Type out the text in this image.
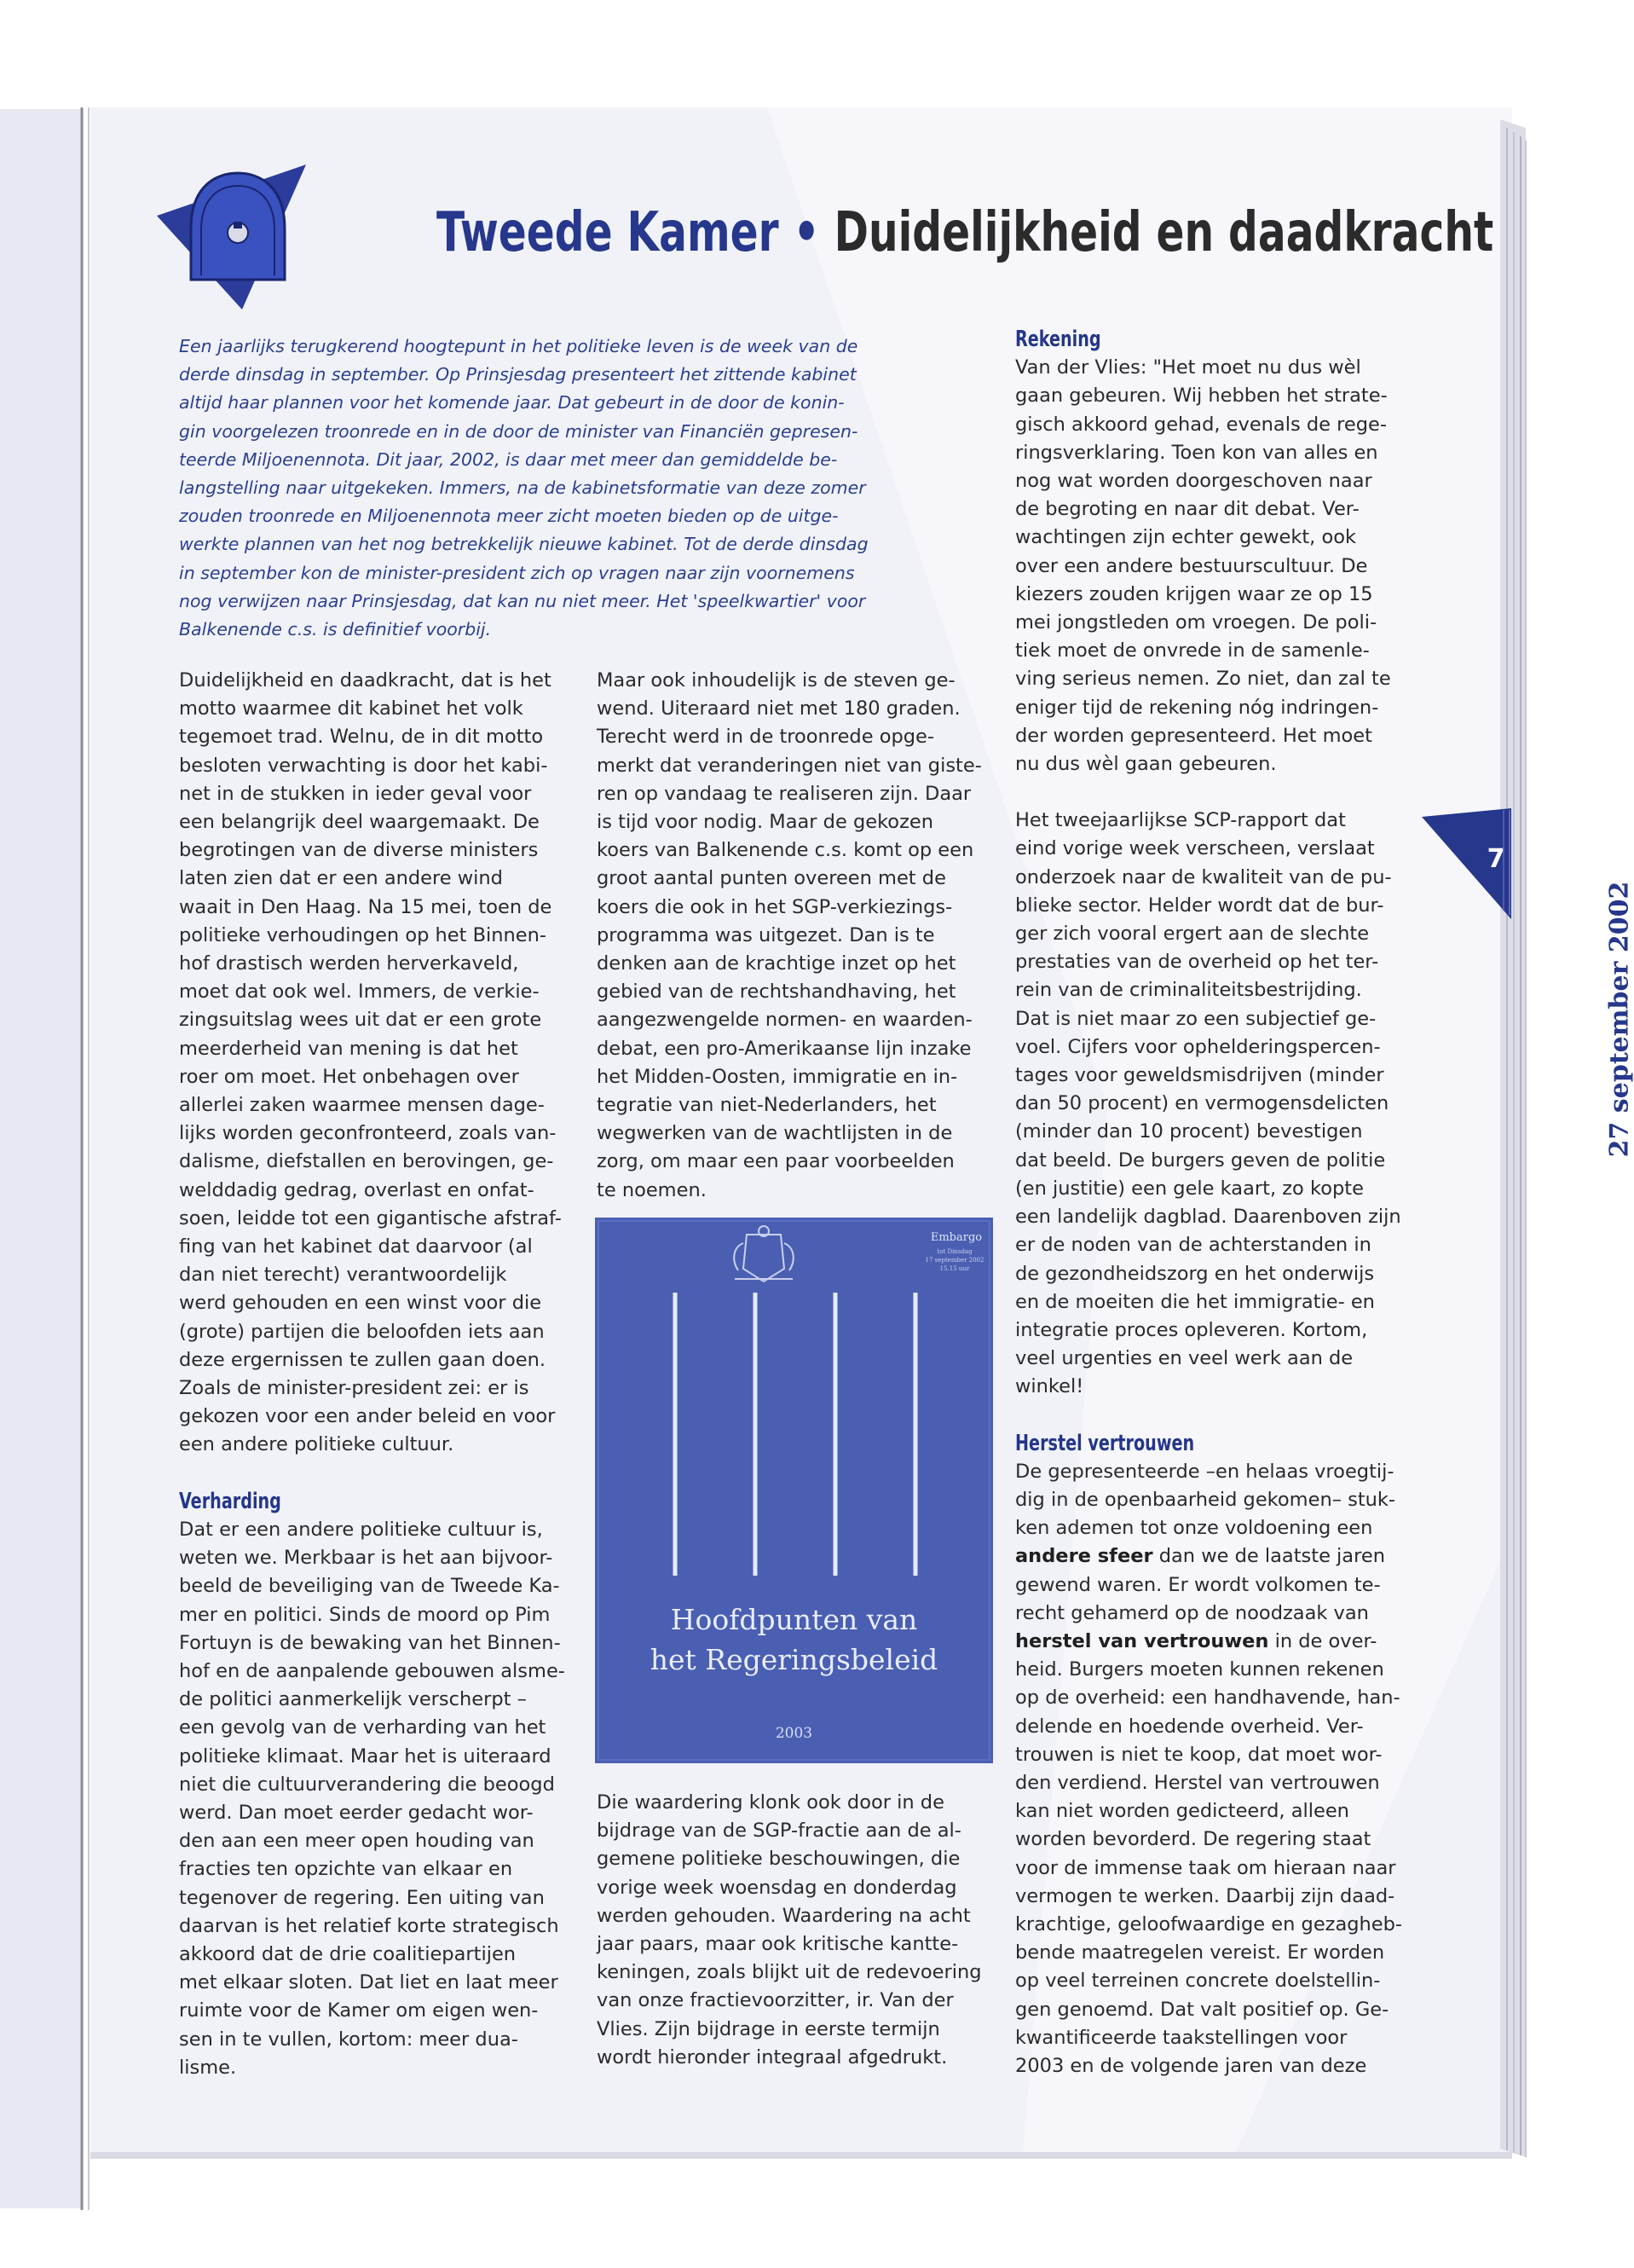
Tweede Kamer • Duidelijkheid en daadkracht

Een jaarlijks terugkerend hoogtepunt in het politieke leven is de week van de

derde dinsdag in september. Op Prinsjesdag presenteert het zittende kabinet

altijd haar plannen voor het komende jaar. Dat gebeurt in de door de konin-

gin voorgelezen troonrede en in de door de minister van Financiën gepresen-

teerde Miljoenennota. Dit jaar, 2002, is daar met meer dan gemiddelde be-

langstelling naar uitgekeken. Immers, na de kabinetsformatie van deze zomer

zouden troonrede en Miljoenennota meer zicht moeten bieden op de uitge-

werkte plannen van het nog betrekkelijk nieuwe kabinet. Tot de derde dinsdag

in september kon de minister-president zich op vragen naar zijn voornemens

nog verwijzen naar Prinsjesdag, dat kan nu niet meer. Het 'speelkwartier' voor

Balkenende c.s. is definitief voorbij.

Duidelijkheid en daadkracht, dat is het

motto waarmee dit kabinet het volk

tegemoet trad. Welnu, de in dit motto

besloten verwachting is door het kabi-

net in de stukken in ieder geval voor

een belangrijk deel waargemaakt. De

begrotingen van de diverse ministers

laten zien dat er een andere wind

waait in Den Haag. Na 15 mei, toen de

politieke verhoudingen op het Binnen-

hof drastisch werden herverkaveld,

moet dat ook wel. Immers, de verkie-

zingsuitslag wees uit dat er een grote

meerderheid van mening is dat het

roer om moet. Het onbehagen over

allerlei zaken waarmee mensen dage-

lijks worden geconfronteerd, zoals van-

dalisme, diefstallen en berovingen, ge-

welddadig gedrag, overlast en onfat-

soen, leidde tot een gigantische afstraf-

fing van het kabinet dat daarvoor (al

dan niet terecht) verantwoordelijk

werd gehouden en een winst voor die

(grote) partijen die beloofden iets aan

deze ergernissen te zullen gaan doen.

Zoals de minister-president zei: er is

gekozen voor een ander beleid en voor

een andere politieke cultuur.

Verharding

Dat er een andere politieke cultuur is,

weten we. Merkbaar is het aan bijvoor-

beeld de beveiliging van de Tweede Ka-

mer en politici. Sinds de moord op Pim

Fortuyn is de bewaking van het Binnen-

hof en de aanpalende gebouwen alsme-

de politici aanmerkelijk verscherpt –

een gevolg van de verharding van het

politieke klimaat. Maar het is uiteraard

niet die cultuurverandering die beoogd

werd. Dan moet eerder gedacht wor-

den aan een meer open houding van

fracties ten opzichte van elkaar en

tegenover de regering. Een uiting van

daarvan is het relatief korte strategisch

akkoord dat de drie coalitiepartijen

met elkaar sloten. Dat liet en laat meer

ruimte voor de Kamer om eigen wen-

sen in te vullen, kortom: meer dua-

lisme.

Maar ook inhoudelijk is de steven ge-

wend. Uiteraard niet met 180 graden.

Terecht werd in de troonrede opge-

merkt dat veranderingen niet van giste-

ren op vandaag te realiseren zijn. Daar

is tijd voor nodig. Maar de gekozen

koers van Balkenende c.s. komt op een

groot aantal punten overeen met de

koers die ook in het SGP-verkiezings-

programma was uitgezet. Dan is te

denken aan de krachtige inzet op het

gebied van de rechtshandhaving, het

aangezwengelde normen- en waarden-

debat, een pro-Amerikaanse lijn inzake

het Midden-Oosten, immigratie en in-

tegratie van niet-Nederlanders, het

wegwerken van de wachtlijsten in de

zorg, om maar een paar voorbeelden

te noemen.

Embargo
tot Dinsdag
17 september 2002
15.15 uur
Hoofdpunten van
het Regeringsbeleid
2003

Die waardering klonk ook door in de

bijdrage van de SGP-fractie aan de al-

gemene politieke beschouwingen, die

vorige week woensdag en donderdag

werden gehouden. Waardering na acht

jaar paars, maar ook kritische kantte-

keningen, zoals blijkt uit de redevoering

van onze fractievoorzitter, ir. Van der

Vlies. Zijn bijdrage in eerste termijn

wordt hieronder integraal afgedrukt.

Rekening

Van der Vlies: "Het moet nu dus wèl

gaan gebeuren. Wij hebben het strate-

gisch akkoord gehad, evenals de rege-

ringsverklaring. Toen kon van alles en

nog wat worden doorgeschoven naar

de begroting en naar dit debat. Ver-

wachtingen zijn echter gewekt, ook

over een andere bestuurscultuur. De

kiezers zouden krijgen waar ze op 15

mei jongstleden om vroegen. De poli-

tiek moet de onvrede in de samenle-

ving serieus nemen. Zo niet, dan zal te

eniger tijd de rekening nóg indringen-

der worden gepresenteerd. Het moet

nu dus wèl gaan gebeuren.

Het tweejaarlijkse SCP-rapport dat

eind vorige week verscheen, verslaat

onderzoek naar de kwaliteit van de pu-

blieke sector. Helder wordt dat de bur-

ger zich vooral ergert aan de slechte

prestaties van de overheid op het ter-

rein van de criminaliteitsbestrijding.

Dat is niet maar zo een subjectief ge-

voel. Cijfers voor ophelderingspercen-

tages voor geweldsmisdrijven (minder

dan 50 procent) en vermogensdelicten

(minder dan 10 procent) bevestigen

dat beeld. De burgers geven de politie

(en justitie) een gele kaart, zo kopte

een landelijk dagblad. Daarenboven zijn

er de noden van de achterstanden in

de gezondheidszorg en het onderwijs

en de moeiten die het immigratie- en

integratie proces opleveren. Kortom,

veel urgenties en veel werk aan de

winkel!

Herstel vertrouwen

De gepresenteerde –en helaas vroegtij-

dig in de openbaarheid gekomen– stuk-

ken ademen tot onze voldoening een

andere sfeer dan we de laatste jaren

gewend waren. Er wordt volkomen te-

recht gehamerd op de noodzaak van

herstel van vertrouwen in de over-

heid. Burgers moeten kunnen rekenen

op de overheid: een handhavende, han-

delende en hoedende overheid. Ver-

trouwen is niet te koop, dat moet wor-

den verdiend. Herstel van vertrouwen

kan niet worden gedicteerd, alleen

worden bevorderd. De regering staat

voor de immense taak om hieraan naar

vermogen te werken. Daarbij zijn daad-

krachtige, geloofwaardige en gezagheb-

bende maatregelen vereist. Er worden

op veel terreinen concrete doelstellin-

gen genoemd. Dat valt positief op. Ge-

kwantificeerde taakstellingen voor

2003 en de volgende jaren van deze

7
27 september 2002
